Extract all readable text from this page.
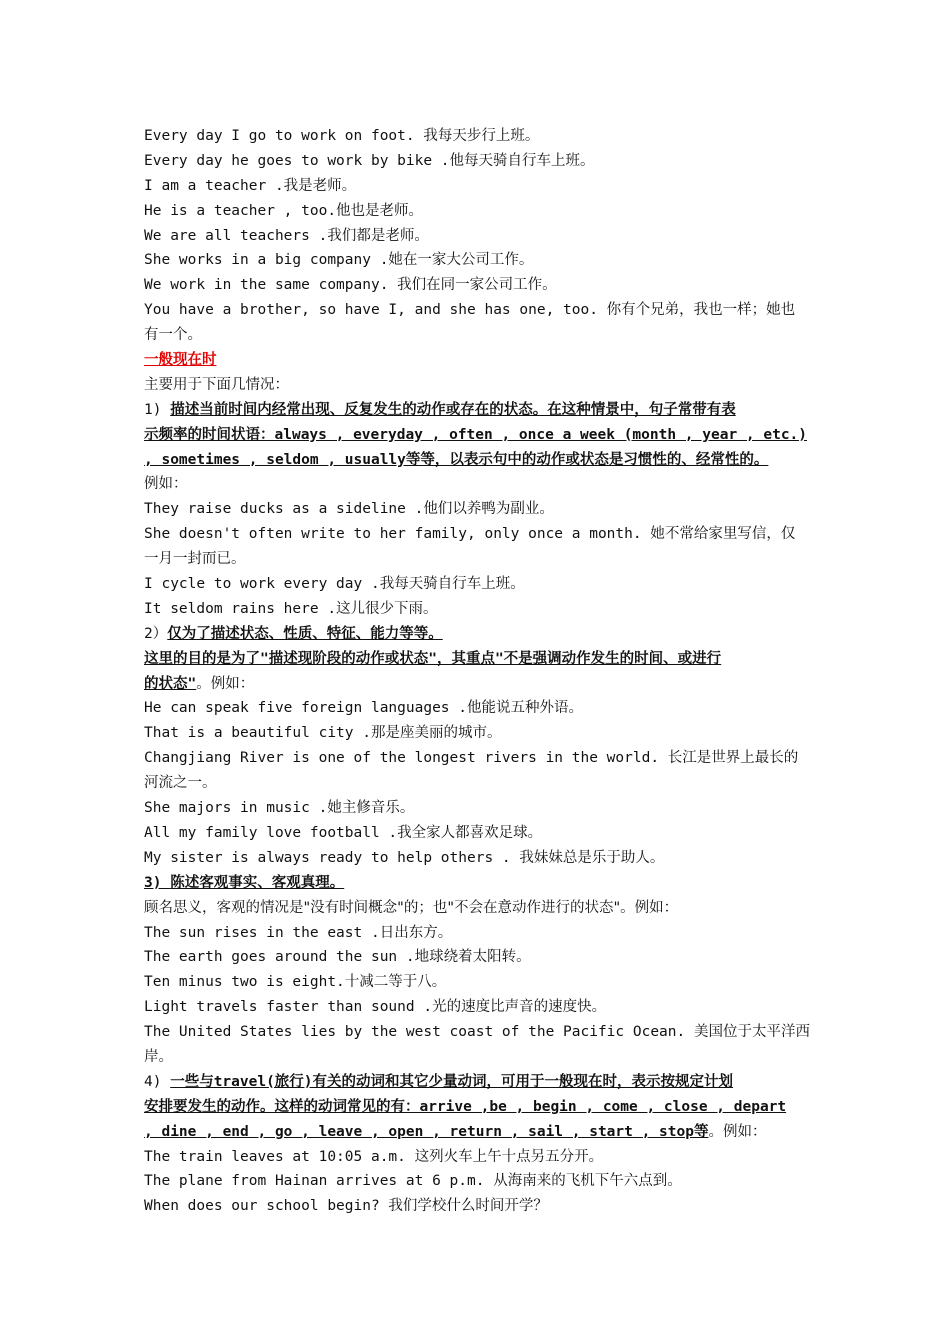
Every day I go to work on foot. 我每天步行上班。
Every day he goes to work by bike .他每天骑自行车上班。
I am a teacher .我是老师。
He is a teacher , too.他也是老师。
We are all teachers .我们都是老师。
She works in a big company .她在一家大公司工作。
We work in the same company. 我们在同一家公司工作。
You have a brother, so have I, and she has one, too. 你有个兄弟，我也一样；她也
有一个。
一般现在时
主要用于下面几情况：
1) 描述当前时间内经常出现、反复发生的动作或存在的状态。在这种情景中，句子常带有表
示频率的时间状语：always , everyday , often , once a week (month , year , etc.)
, sometimes , seldom , usually等等，以表示句中的动作或状态是习惯性的、经常性的。
例如：
They raise ducks as a sideline .他们以养鸭为副业。
She doesn't often write to her family, only once a month. 她不常给家里写信，仅
一月一封而已。
I cycle to work every day .我每天骑自行车上班。
It seldom rains here .这儿很少下雨。
2）仅为了描述状态、性质、特征、能力等等。
这里的目的是为了"描述现阶段的动作或状态"，其重点"不是强调动作发生的时间、或进行
的状态"。例如：
He can speak five foreign languages .他能说五种外语。
That is a beautiful city .那是座美丽的城市。
Changjiang River is one of the longest rivers in the world. 长江是世界上最长的
河流之一。
She majors in music .她主修音乐。
All my family love football .我全家人都喜欢足球。
My sister is always ready to help others . 我妹妹总是乐于助人。
3) 陈述客观事实、客观真理。
顾名思义，客观的情况是"没有时间概念"的；也"不会在意动作进行的状态"。例如：
The sun rises in the east .日出东方。
The earth goes around the sun .地球绕着太阳转。
Ten minus two is eight.十减二等于八。
Light travels faster than sound .光的速度比声音的速度快。
The United States lies by the west coast of the Pacific Ocean. 美国位于太平洋西
岸。
4) 一些与travel(旅行)有关的动词和其它少量动词，可用于一般现在时，表示按规定计划
安排要发生的动作。这样的动词常见的有：arrive ,be , begin , come , close , depart
, dine , end , go , leave , open , return , sail , start , stop等。例如：
The train leaves at 10:05 a.m. 这列火车上午十点另五分开。
The plane from Hainan arrives at 6 p.m. 从海南来的飞机下午六点到。
When does our school begin? 我们学校什么时间开学？
